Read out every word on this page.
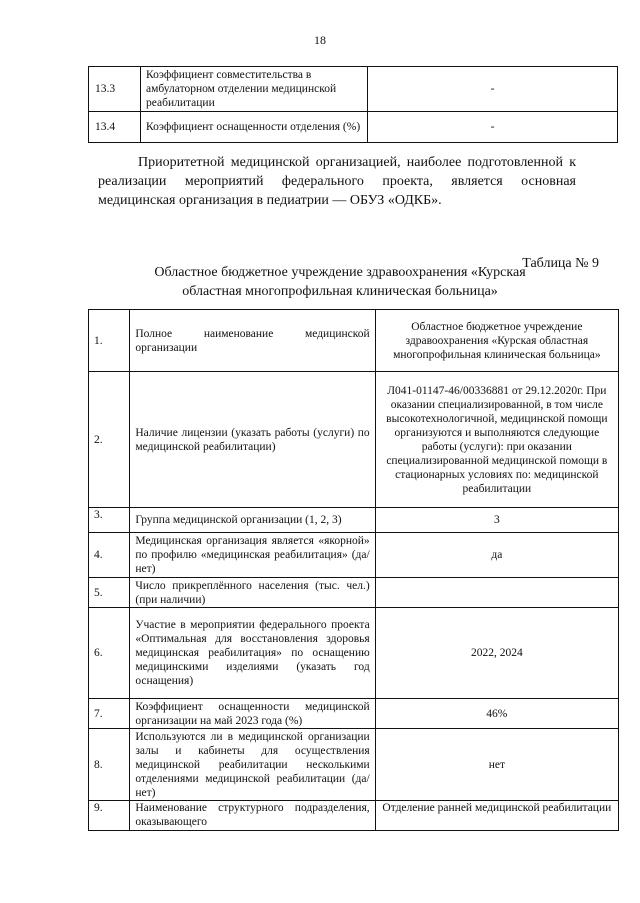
18
13.3	Коэффициент совместительства в амбулаторном отделении медицинской реабилитации	-
13.4	Коэффициент оснащенности отделения (%)	-
Приоритетной медицинской организацией, наиболее подготовленной к реализации мероприятий федерального проекта, является основная медицинская организация в педиатрии — ОБУЗ «ОДКБ».
Таблица № 9
Областное бюджетное учреждение здравоохранения «Курская
областная многопрофильная клиническая больница»
1.	Полное наименование медицинской организации	Областное бюджетное учреждение здравоохранения «Курская областная многопрофильная клиническая больница»
2.	Наличие лицензии (указать работы (услуги) по медицинской реабилитации)	Л041-01147-46/00336881 от 29.12.2020г. При оказании специализированной, в том числе высокотехнологичной, медицинской помощи организуются и выполняются следующие работы (услуги): при оказании специализированной медицинской помощи в стационарных условиях по: медицинской реабилитации
3.	Группа медицинской организации (1, 2, 3)	3
4.	Медицинская организация является «якорной» по профилю «медицинская реабилитация» (да/нет)	да
5.	Число прикреплённого населения (тыс. чел.) (при наличии)	
6.	Участие в мероприятии федерального проекта «Оптимальная для восстановления здоровья медицинская реабилитация» по оснащению медицинскими изделиями (указать год оснащения)	2022, 2024
7.	Коэффициент оснащенности медицинской организации на май 2023 года (%)	46%
8.	Используются ли в медицинской организации залы и кабинеты для осуществления медицинской реабилитации несколькими отделениями медицинской реабилитации (да/нет)	нет
9.	Наименование структурного подразделения, оказывающего	Отделение ранней медицинской реабилитации
